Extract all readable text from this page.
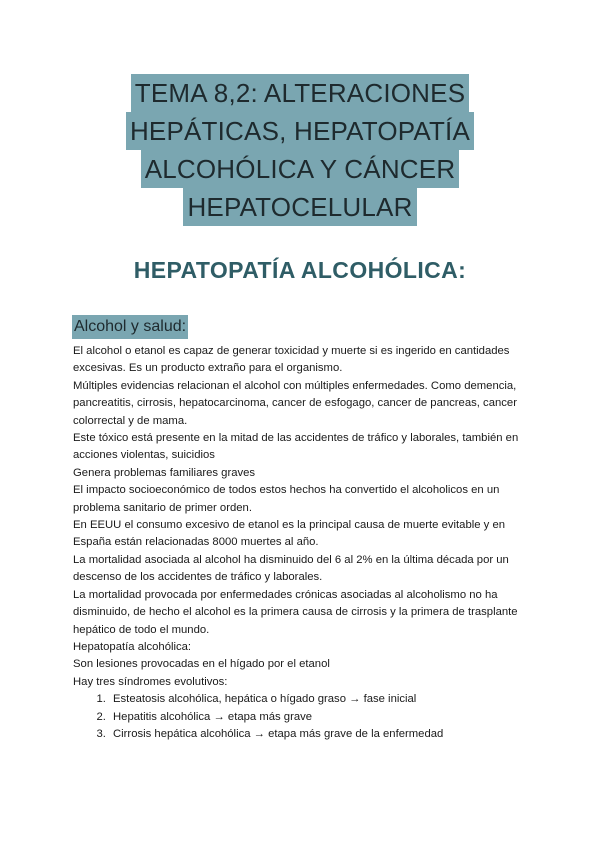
TEMA 8,2: ALTERACIONES
HEPÁTICAS, HEPATOPATÍA
ALCOHÓLICA Y CÁNCER
HEPATOCELULAR
HEPATOPATÍA ALCOHÓLICA:
Alcohol y salud:

El alcohol o etanol es capaz de generar toxicidad y muerte si es ingerido en cantidades excesivas. Es un producto extraño para el organismo.

Múltiples evidencias relacionan el alcohol con múltiples enfermedades. Como demencia, pancreatitis, cirrosis, hepatocarcinoma, cancer de esfogago, cancer de pancreas, cancer colorrectal y de mama.

Este tóxico está presente en la mitad de las accidentes de tráfico y laborales, también en acciones violentas, suicidios

Genera problemas familiares graves

El impacto socioeconómico de todos estos hechos ha convertido el alcoholicos en un problema sanitario de primer orden.

En EEUU el consumo excesivo de etanol es la principal causa de muerte evitable y en España están relacionadas 8000 muertes al año.

La mortalidad asociada al alcohol ha disminuido del 6 al 2% en la última década por un descenso de los accidentes de tráfico y laborales.

La mortalidad provocada por enfermedades crónicas asociadas al alcoholismo no ha disminuido, de hecho el alcohol es la primera causa de cirrosis y la primera de trasplante hepático de todo el mundo.

Hepatopatía alcohólica:

Son lesiones provocadas en el hígado por el etanol

Hay tres síndromes evolutivos:

1. Esteatosis alcohólica, hepática o hígado graso → fase inicial
2. Hepatitis alcohólica → etapa más grave
3. Cirrosis hepática alcohólica → etapa más grave de la enfermedad
